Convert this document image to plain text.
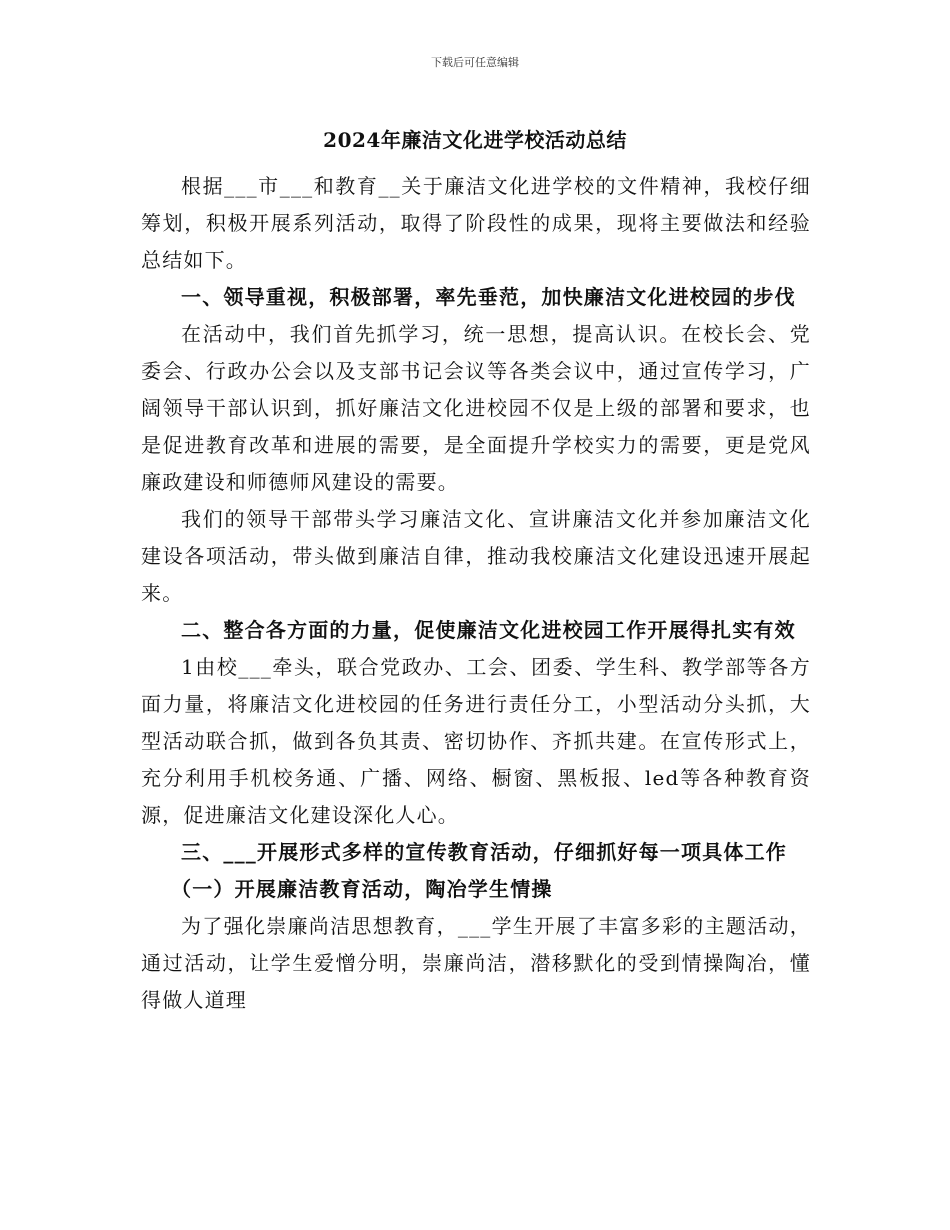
下载后可任意编辑
2024年廉洁文化进学校活动总结

根据___市___和教育__关于廉洁文化进学校的文件精神，我校仔细筹划，积极开展系列活动，取得了阶段性的成果，现将主要做法和经验总结如下。

一、领导重视，积极部署，率先垂范，加快廉洁文化进校园的步伐

在活动中，我们首先抓学习，统一思想，提高认识。在校长会、党委会、行政办公会以及支部书记会议等各类会议中，通过宣传学习，广阔领导干部认识到，抓好廉洁文化进校园不仅是上级的部署和要求，也是促进教育改革和进展的需要，是全面提升学校实力的需要，更是党风廉政建设和师德师风建设的需要。

我们的领导干部带头学习廉洁文化、宣讲廉洁文化并参加廉洁文化建设各项活动，带头做到廉洁自律，推动我校廉洁文化建设迅速开展起来。

二、整合各方面的力量，促使廉洁文化进校园工作开展得扎实有效

1由校___牵头，联合党政办、工会、团委、学生科、教学部等各方面力量，将廉洁文化进校园的任务进行责任分工，小型活动分头抓，大型活动联合抓，做到各负其责、密切协作、齐抓共建。在宣传形式上，充分利用手机校务通、广播、网络、橱窗、黑板报、led等各种教育资源，促进廉洁文化建设深化人心。

三、___开展形式多样的宣传教育活动，仔细抓好每一项具体工作

（一）开展廉洁教育活动，陶冶学生情操

为了强化崇廉尚洁思想教育，___学生开展了丰富多彩的主题活动，通过活动，让学生爱憎分明，崇廉尚洁，潜移默化的受到情操陶冶，懂得做人道理
